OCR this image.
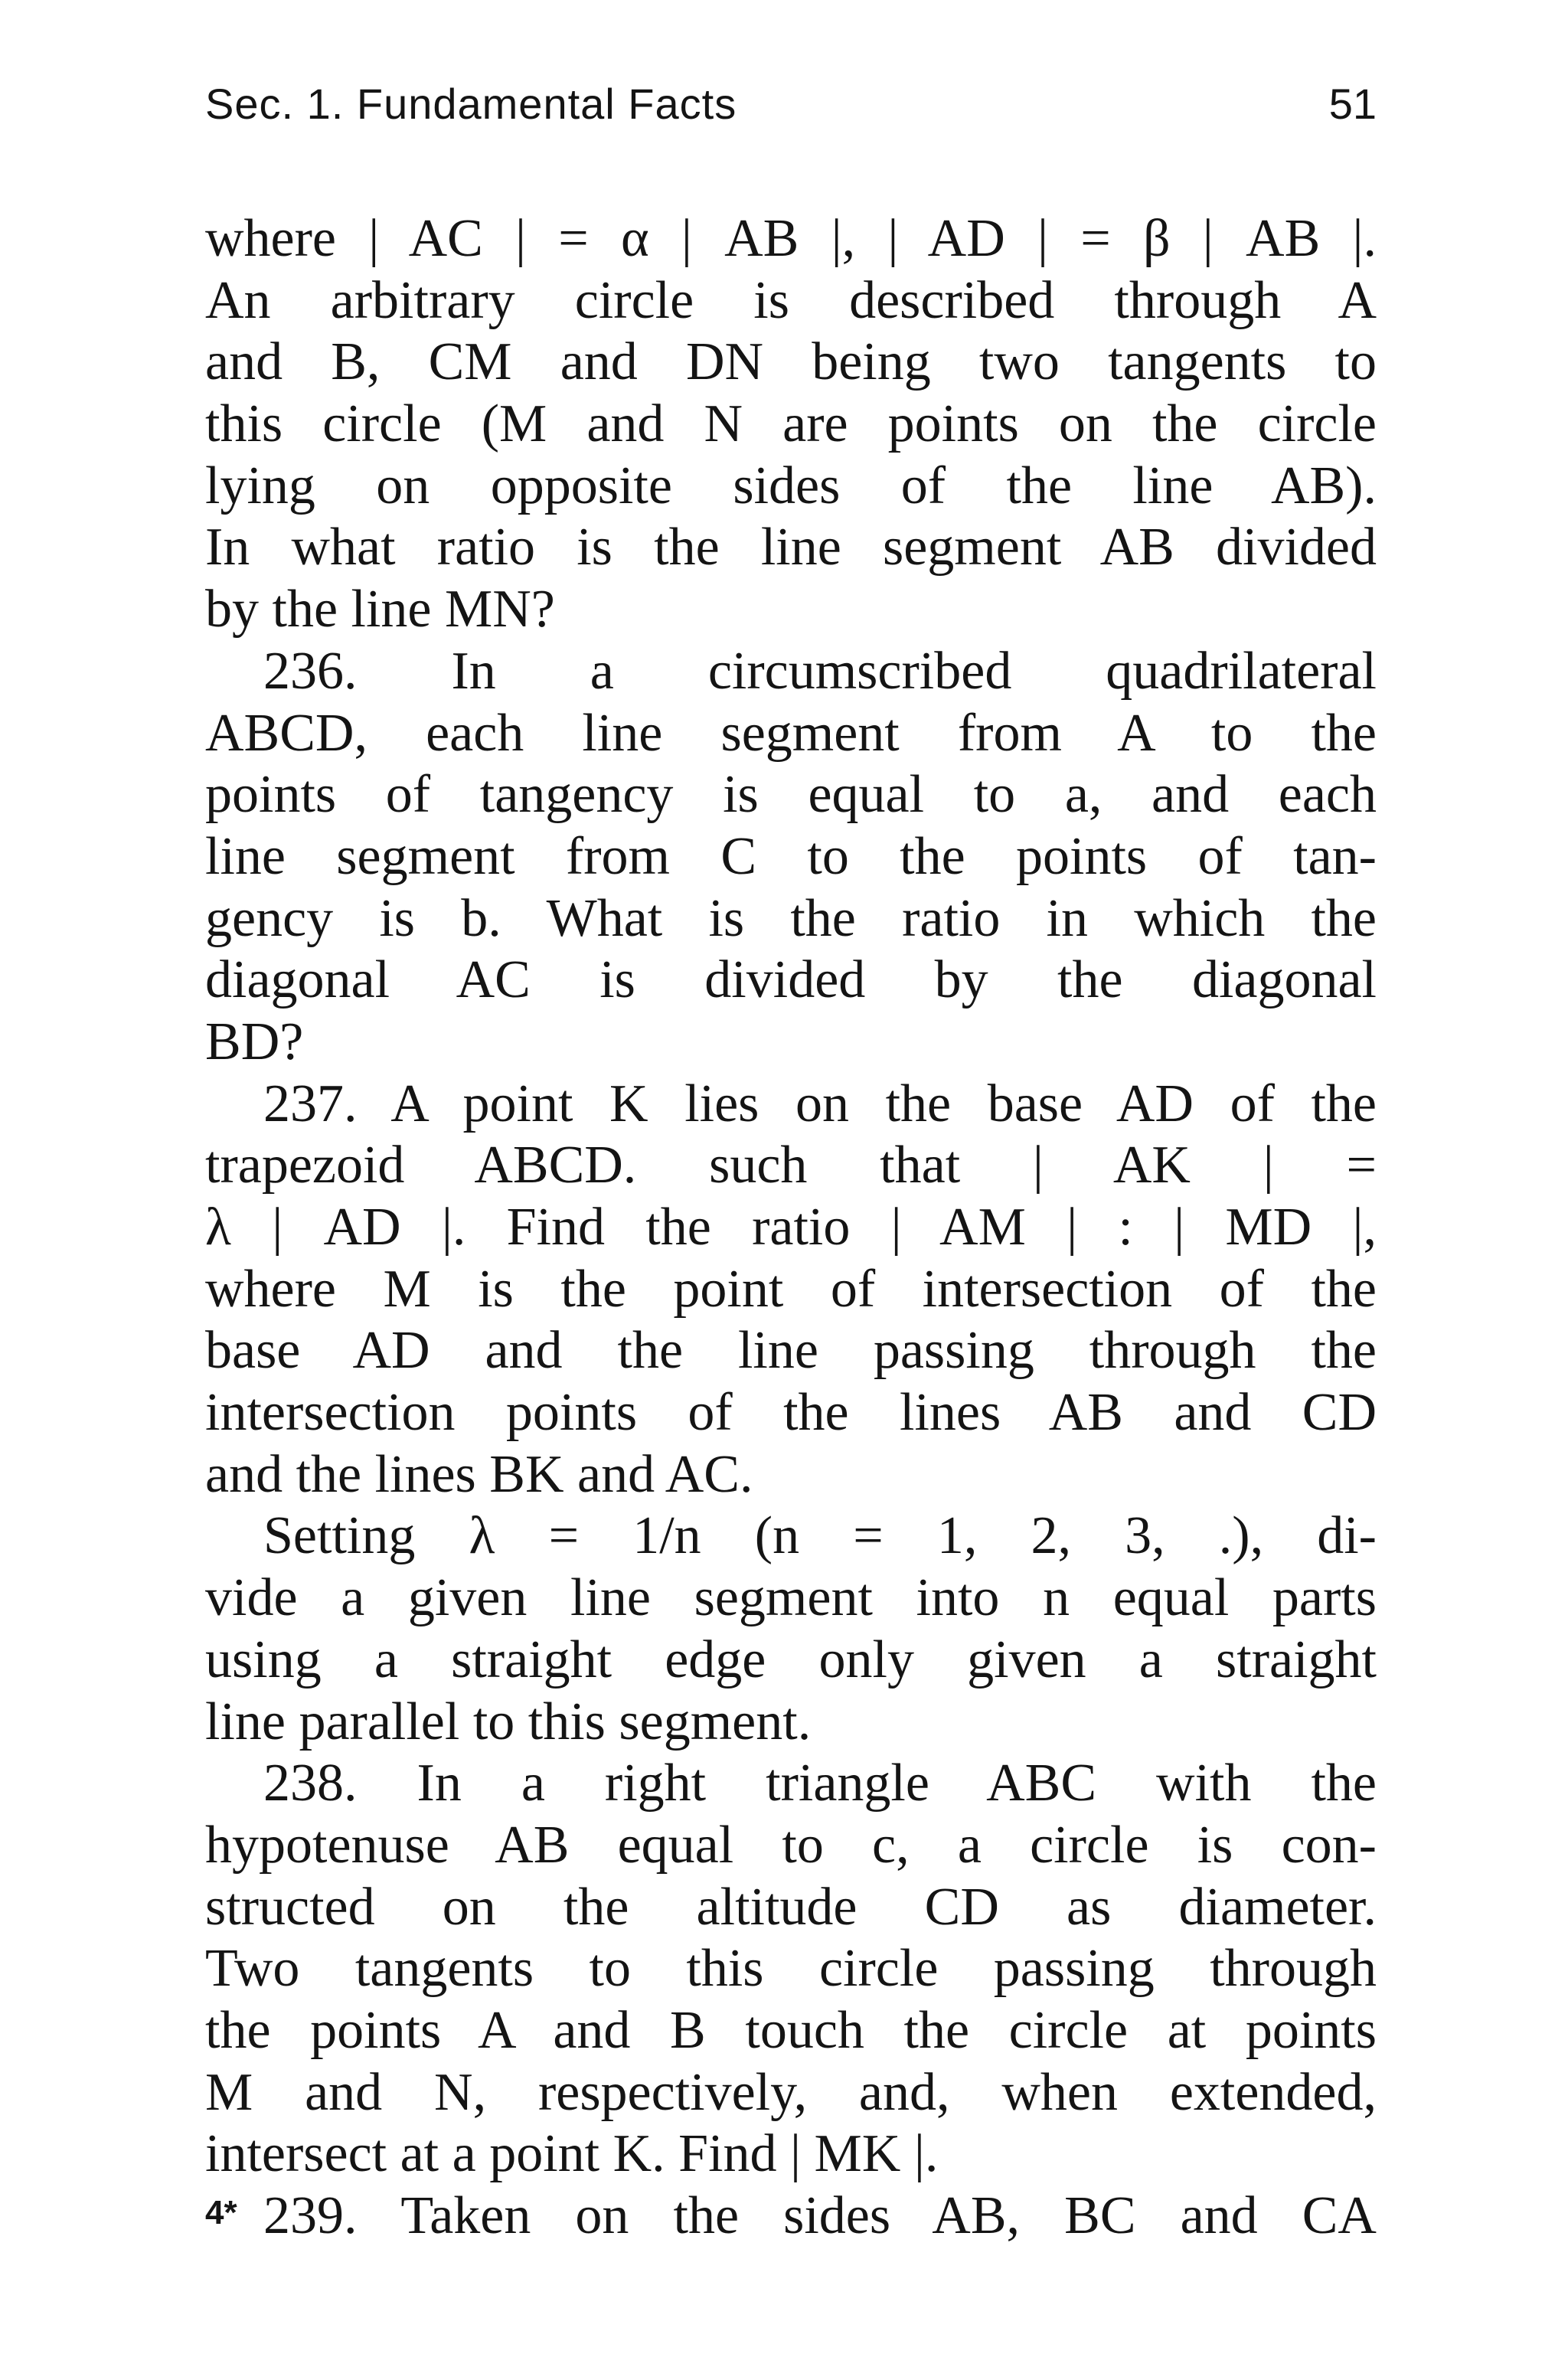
Sec. 1. Fundamental Facts	51
where | AC | = α | AB |, | AD | = β | AB |.
An arbitrary circle is described through A
and B, CM and DN being two tangents to
this circle (M and N are points on the circle
lying on opposite sides of the line AB).
In what ratio is the line segment AB divided
by the line MN?
236. In a circumscribed quadrilateral
ABCD, each line segment from A to the
points of tangency is equal to a, and each
line segment from C to the points of tan-
gency is b. What is the ratio in which the
diagonal AC is divided by the diagonal
BD?
237. A point K lies on the base AD of the
trapezoid ABCD. such that | AK | =
λ | AD |. Find the ratio | AM | : | MD |,
where M is the point of intersection of the
base AD and the line passing through the
intersection points of the lines AB and CD
and the lines BK and AC.
Setting λ = 1/n (n = 1, 2, 3, .), di-
vide a given line segment into n equal parts
using a straight edge only given a straight
line parallel to this segment.
238. In a right triangle ABC with the
hypotenuse AB equal to c, a circle is con-
structed on the altitude CD as diameter.
Two tangents to this circle passing through
the points A and B touch the circle at points
M and N, respectively, and, when extended,
intersect at a point K. Find | MK |.
239. Taken on the sides AB, BC and CA
4*
